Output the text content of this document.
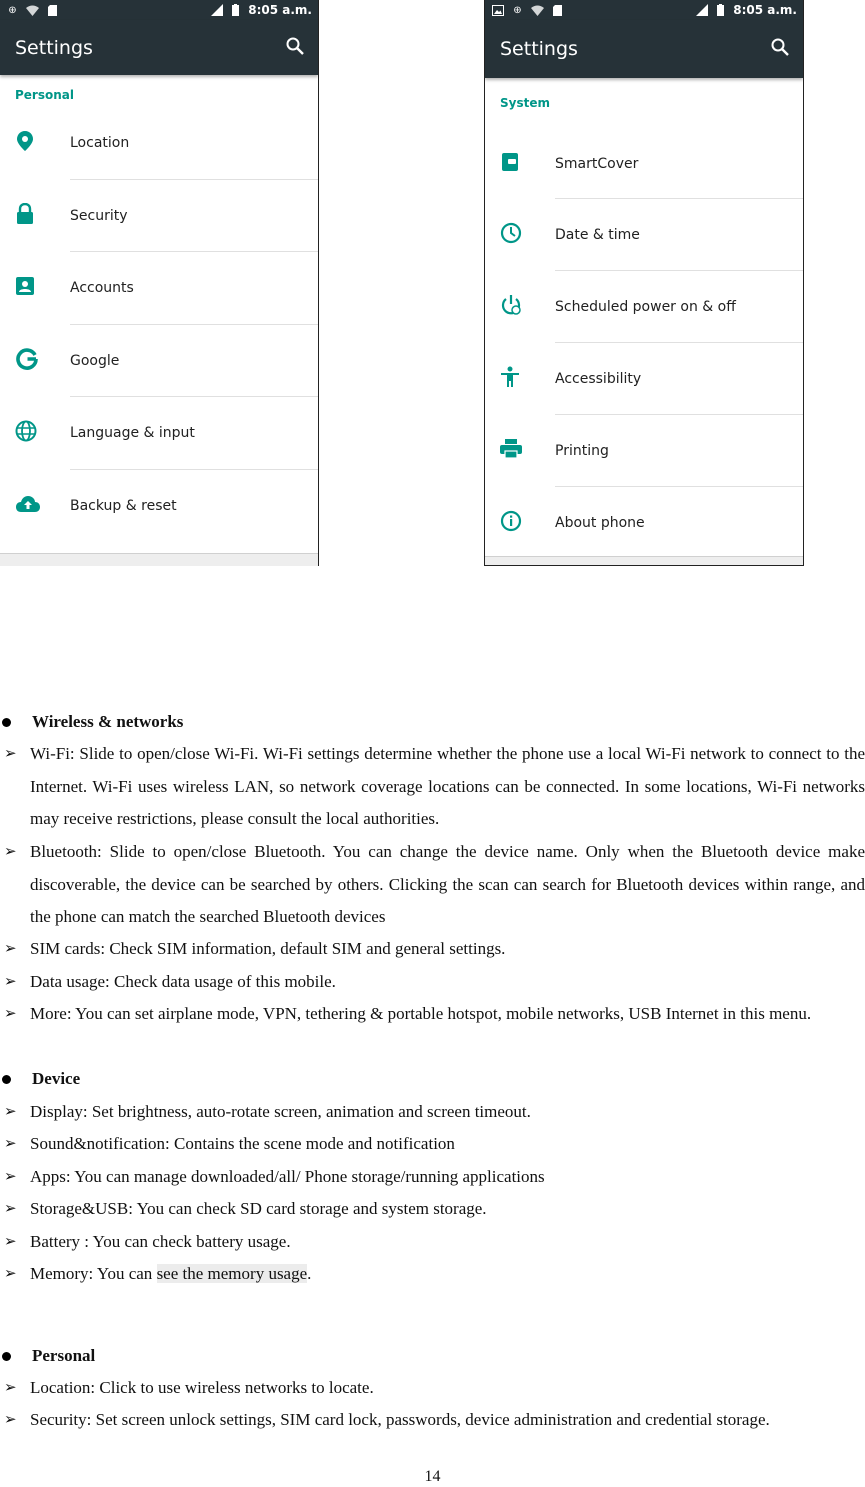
⊕	8:05 a.m.
Settings
Personal
Location
Security
Accounts
Google
Language & input
Backup & reset
⊕	8:05 a.m.
Settings
System
SmartCover
Date & time
Scheduled power on & off
Accessibility
Printing
About phone
Wireless & networks
➢ Wi-Fi: Slide to open/close Wi-Fi. Wi-Fi settings determine whether the phone use a local Wi-Fi network to connect to the Internet. Wi-Fi uses wireless LAN, so network coverage locations can be connected. In some locations, Wi-Fi networks may receive restrictions, please consult the local authorities.
➢ Bluetooth: Slide to open/close Bluetooth. You can change the device name. Only when the Bluetooth device make discoverable, the device can be searched by others. Clicking the scan can search for Bluetooth devices within range, and the phone can match the searched Bluetooth devices
➢ SIM cards: Check SIM information, default SIM and general settings.
➢ Data usage: Check data usage of this mobile.
➢ More: You can set airplane mode, VPN, tethering & portable hotspot, mobile networks, USB Internet in this menu.
Device
➢ Display: Set brightness, auto-rotate screen, animation and screen timeout.
➢ Sound&notification: Contains the scene mode and notification
➢ Apps: You can manage downloaded/all/ Phone storage/running applications
➢ Storage&USB: You can check SD card storage and system storage.
➢ Battery : You can check battery usage.
➢ Memory: You can see the memory usage.
Personal
➢ Location: Click to use wireless networks to locate.
➢ Security: Set screen unlock settings, SIM card lock, passwords, device administration and credential storage.
14
